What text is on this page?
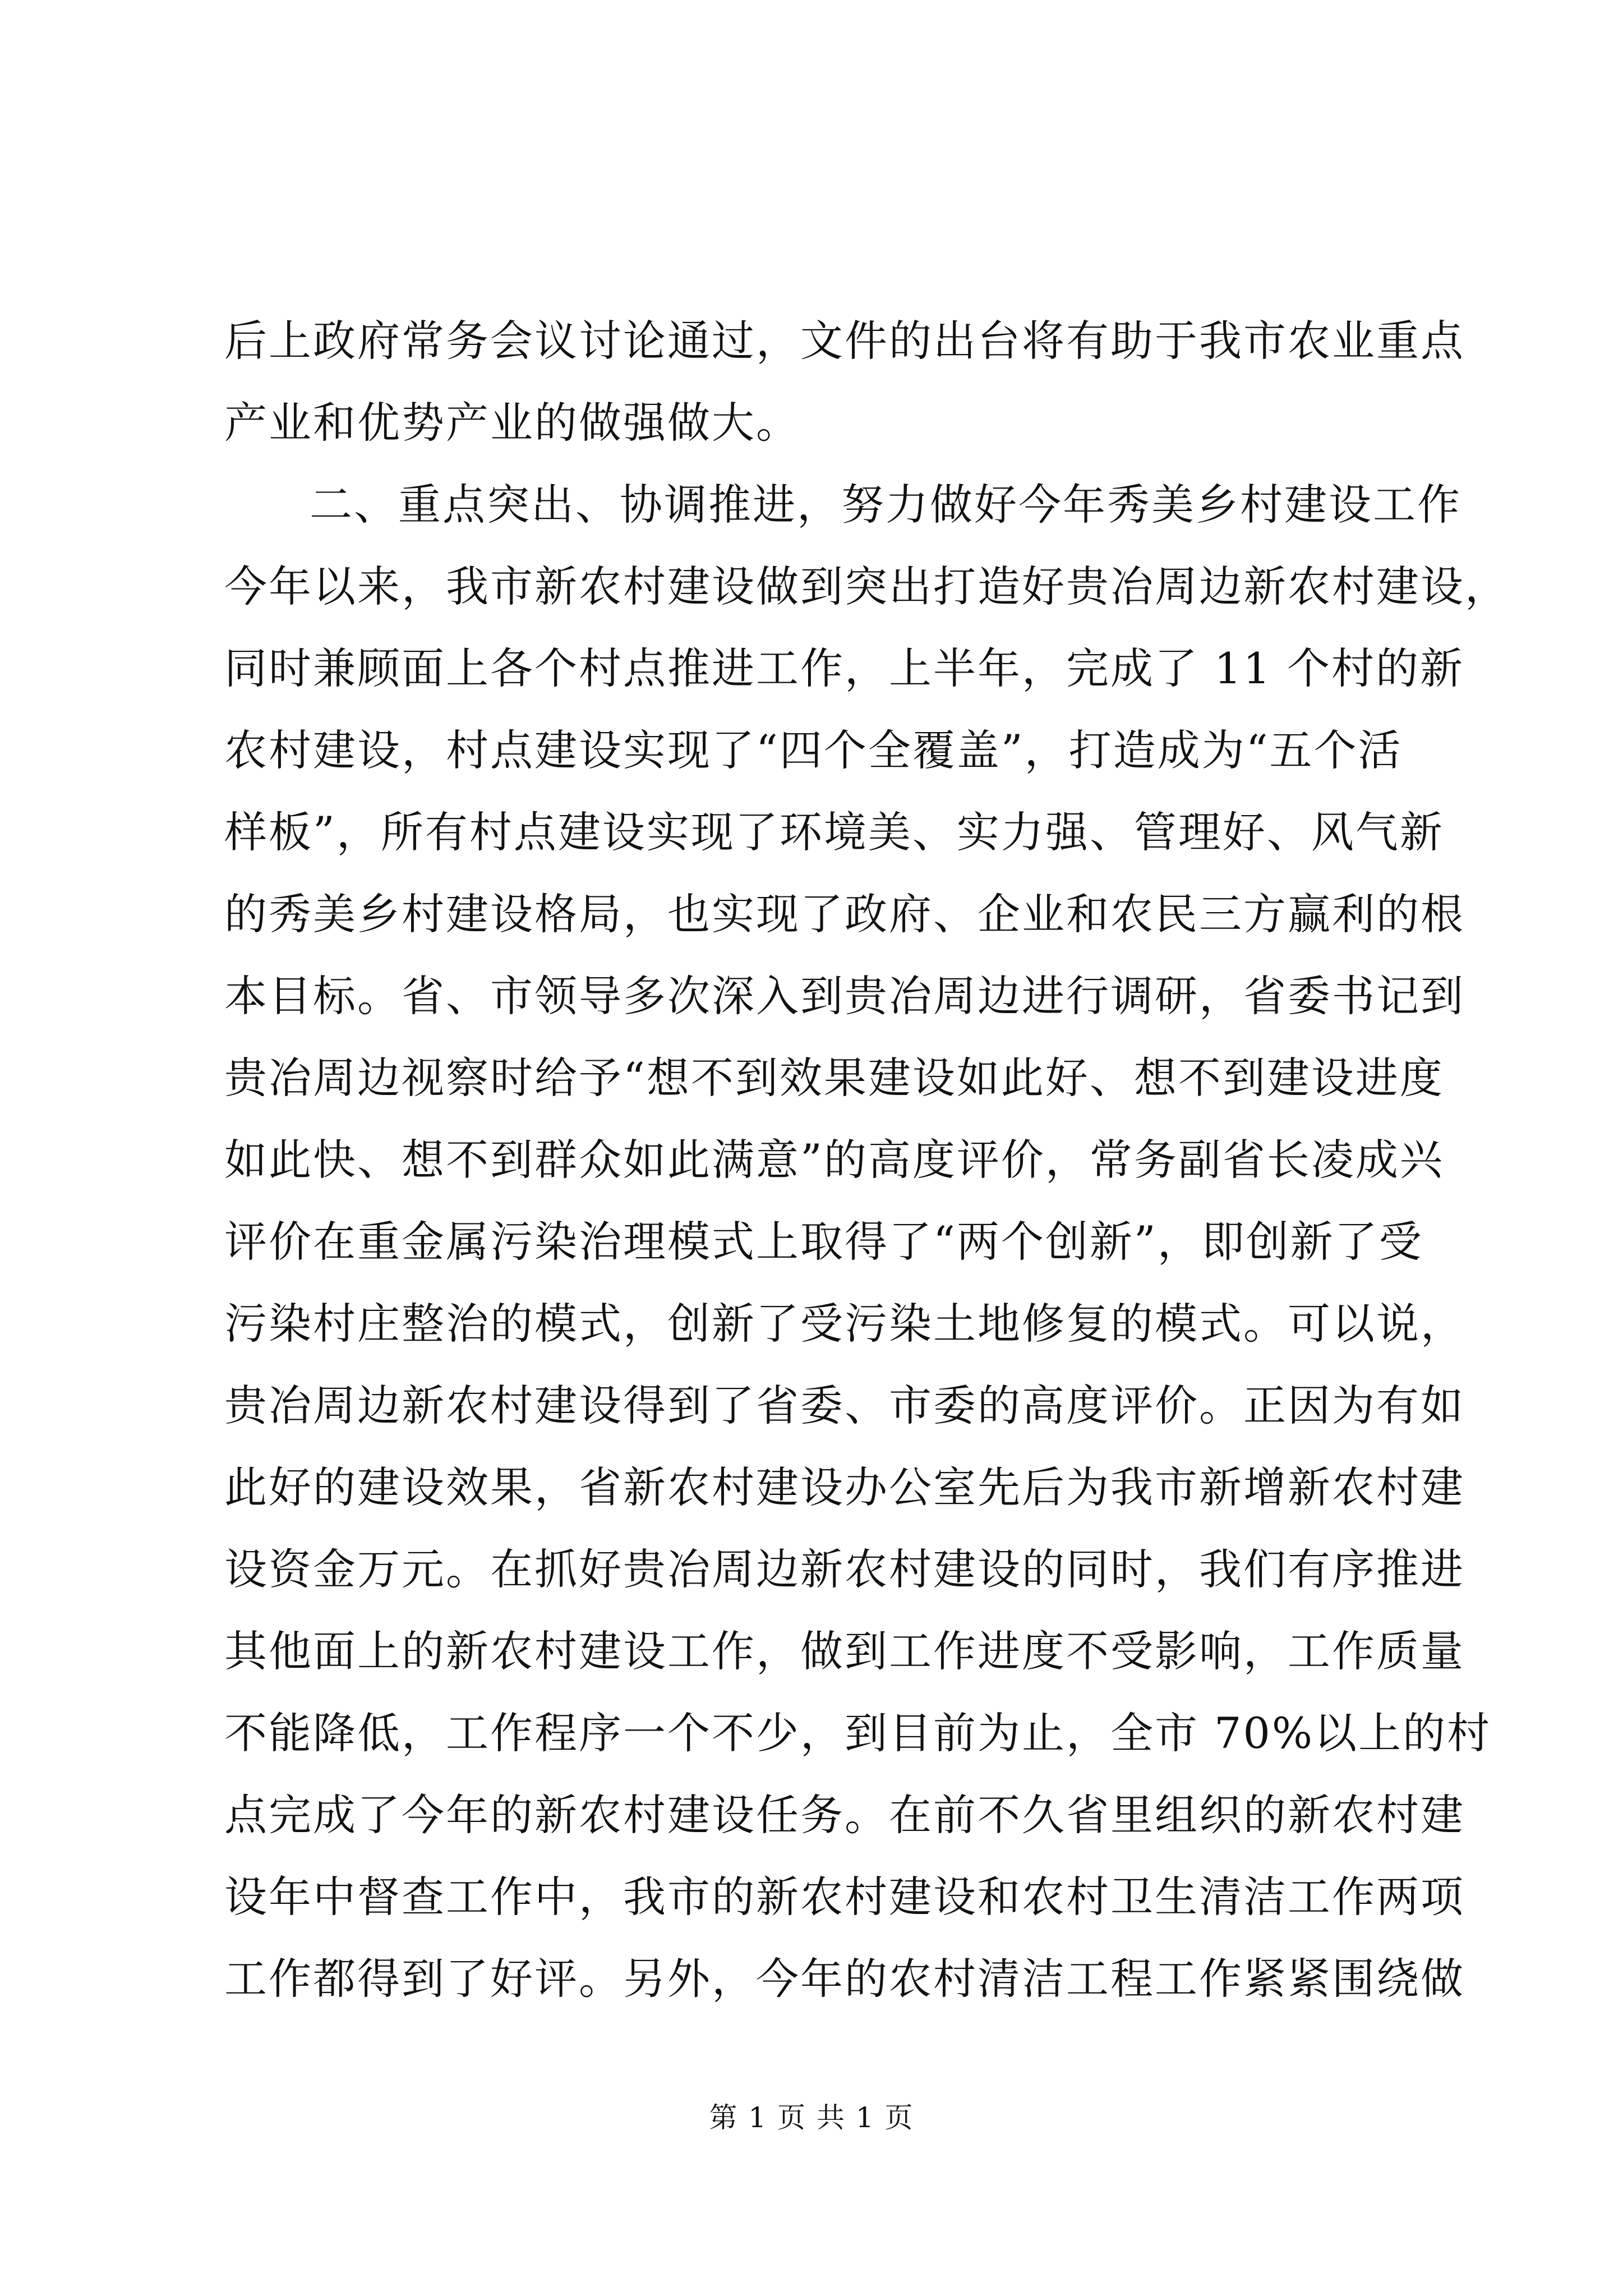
后上政府常务会议讨论通过，文件的出台将有助于我市农业重点
产业和优势产业的做强做大。
二、重点突出、协调推进，努力做好今年秀美乡村建设工作
今年以来，我市新农村建设做到突出打造好贵冶周边新农村建设，
同时兼顾面上各个村点推进工作，上半年，完成了 11 个村的新
农村建设，村点建设实现了“四个全覆盖”，打造成为“五个活
样板”，所有村点建设实现了环境美、实力强、管理好、风气新
的秀美乡村建设格局，也实现了政府、企业和农民三方赢利的根
本目标。省、市领导多次深入到贵冶周边进行调研，省委书记到
贵冶周边视察时给予“想不到效果建设如此好、想不到建设进度
如此快、想不到群众如此满意”的高度评价，常务副省长凌成兴
评价在重金属污染治理模式上取得了“两个创新”，即创新了受
污染村庄整治的模式，创新了受污染土地修复的模式。可以说，
贵冶周边新农村建设得到了省委、市委的高度评价。正因为有如
此好的建设效果，省新农村建设办公室先后为我市新增新农村建
设资金万元。在抓好贵冶周边新农村建设的同时，我们有序推进
其他面上的新农村建设工作，做到工作进度不受影响，工作质量
不能降低，工作程序一个不少，到目前为止，全市 70%以上的村
点完成了今年的新农村建设任务。在前不久省里组织的新农村建
设年中督查工作中，我市的新农村建设和农村卫生清洁工作两项
工作都得到了好评。另外，今年的农村清洁工程工作紧紧围绕做
第 1 页 共 1 页
